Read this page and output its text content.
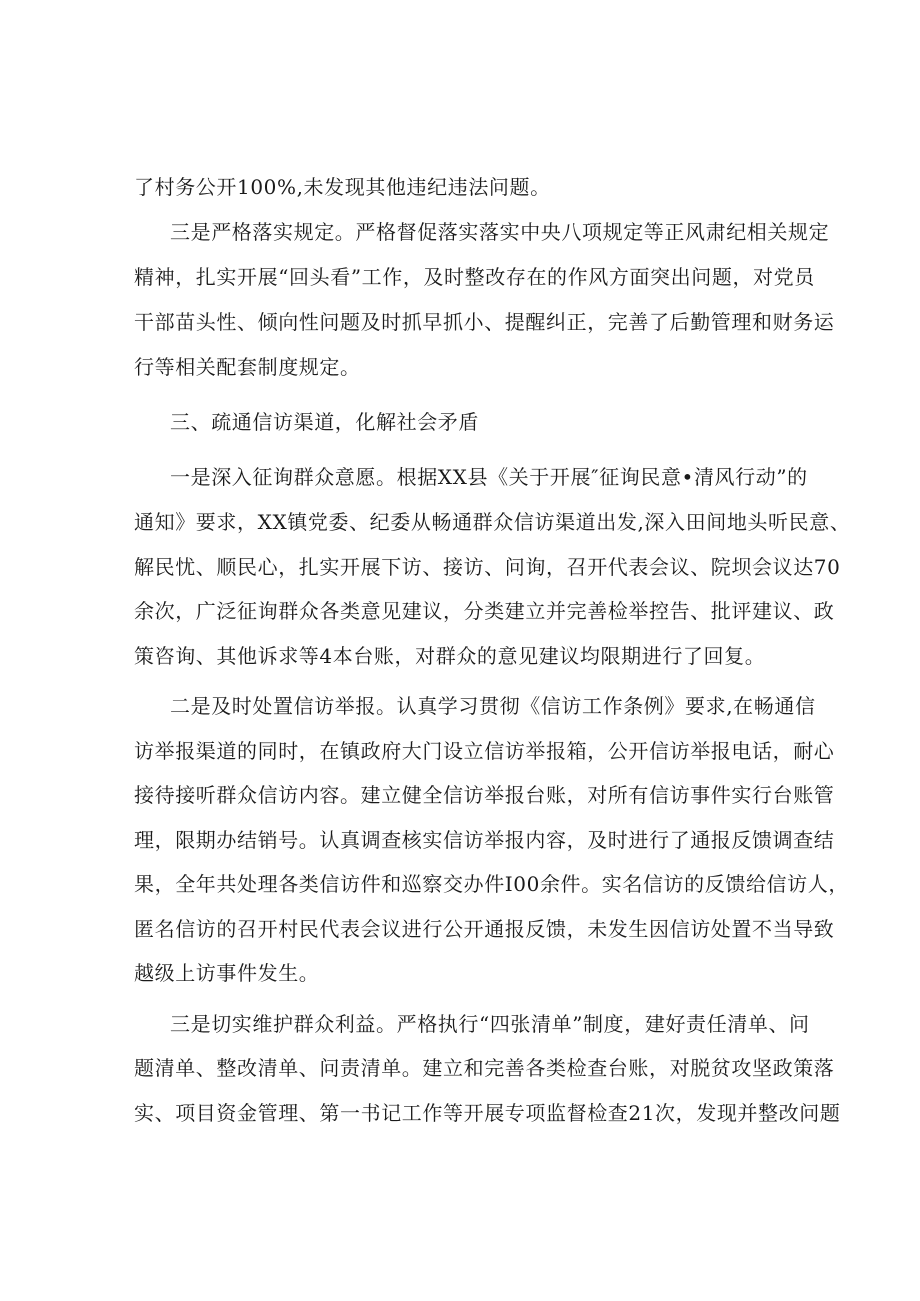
了村务公开100%,未发现其他违纪违法问题。
三是严格落实规定。严格督促落实落实中央八项规定等正风肃纪相关规定
精神，扎实开展“回头看”工作，及时整改存在的作风方面突出问题，对党员
干部苗头性、倾向性问题及时抓早抓小、提醒纠正，完善了后勤管理和财务运
行等相关配套制度规定。
三、疏通信访渠道，化解社会矛盾
一是深入征询群众意愿。根据XX县《关于开展″征询民意•清风行动”的
通知》要求，XX镇党委、纪委从畅通群众信访渠道出发,深入田间地头听民意、
解民忧、顺民心，扎实开展下访、接访、问询，召开代表会议、院坝会议达70
余次，广泛征询群众各类意见建议，分类建立并完善检举控告、批评建议、政
策咨询、其他诉求等4本台账，对群众的意见建议均限期进行了回复。
二是及时处置信访举报。认真学习贯彻《信访工作条例》要求,在畅通信
访举报渠道的同时，在镇政府大门设立信访举报箱，公开信访举报电话，耐心
接待接听群众信访内容。建立健全信访举报台账，对所有信访事件实行台账管
理，限期办结销号。认真调查核实信访举报内容，及时进行了通报反馈调查结
果，全年共处理各类信访件和巡察交办件I00余件。实名信访的反馈给信访人，
匿名信访的召开村民代表会议进行公开通报反馈，未发生因信访处置不当导致
越级上访事件发生。
三是切实维护群众利益。严格执行“四张清单”制度，建好责任清单、问
题清单、整改清单、问责清单。建立和完善各类检查台账，对脱贫攻坚政策落
实、项目资金管理、第一书记工作等开展专项监督检查21次，发现并整改问题
